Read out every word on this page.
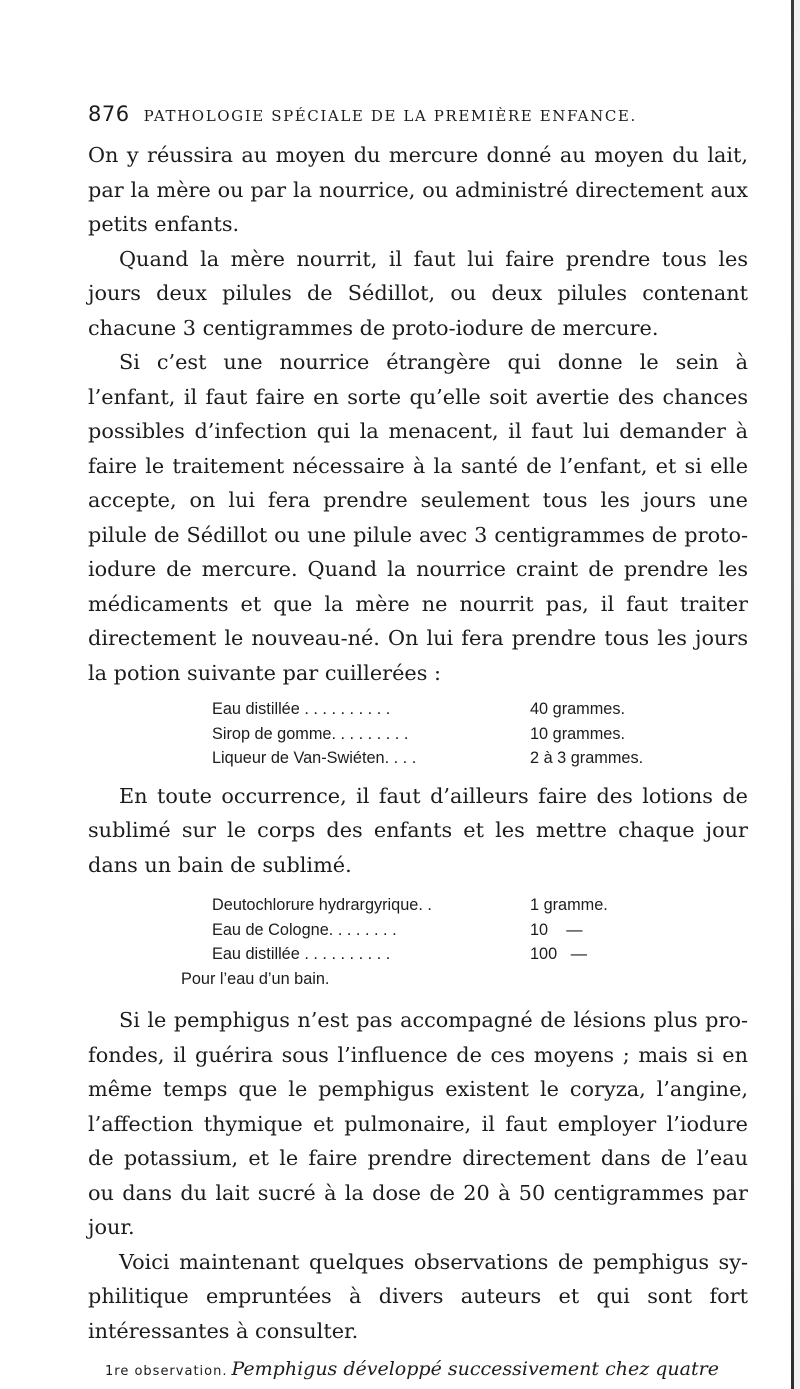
876 PATHOLOGIE SPÉCIALE DE LA PREMIÈRE ENFANCE.

On y réussira au moyen du mercure donné au moyen du lait, par la mère ou par la nourrice, ou administré directement aux petits enfants.

Quand la mère nourrit, il faut lui faire prendre tous les jours deux pilules de Sédillot, ou deux pilules contenant chacune 3 centigrammes de proto-iodure de mercure.

Si c’est une nourrice étrangère qui donne le sein à l’enfant, il faut faire en sorte qu’elle soit avertie des chances possibles d’infection qui la menacent, il faut lui demander à faire le traitement nécessaire à la santé de l’enfant, et si elle accepte, on lui fera prendre seulement tous les jours une pilule de Sédillot ou une pilule avec 3 centigrammes de proto-iodure de mercure. Quand la nourrice craint de prendre les médicaments et que la mère ne nourrit pas, il faut traiter directement le nouveau-né. On lui fera prendre tous les jours la potion suivante par cuillerées :

Eau distillée . . . . . . . . . .	40 grammes.
Sirop de gomme. . . . . . . . .	10 grammes.
Liqueur de Van-Swiéten. . . .	2 à 3 grammes.

En toute occurrence, il faut d’ailleurs faire des lotions de sublimé sur le corps des enfants et les mettre chaque jour dans un bain de sublimé.

Deutochlorure hydrargyrique. .	1 gramme.
Eau de Cologne. . . . . . . .	10    —
Eau distillée . . . . . . . . . .	100   —
Pour l’eau d’un bain.

Si le pemphigus n’est pas accompagné de lésions plus profondes, il guérira sous l’influence de ces moyens ; mais si en même temps que le pemphigus existent le coryza, l’angine, l’affection thymique et pulmonaire, il faut employer l’iodure de potassium, et le faire prendre directement dans de l’eau ou dans du lait sucré à la dose de 20 à 50 centigrammes par jour.

Voici maintenant quelques observations de pemphigus syphilitique empruntées à divers auteurs et qui sont fort intéressantes à consulter.

1re observation. Pemphigus développé successivement chez quatre
